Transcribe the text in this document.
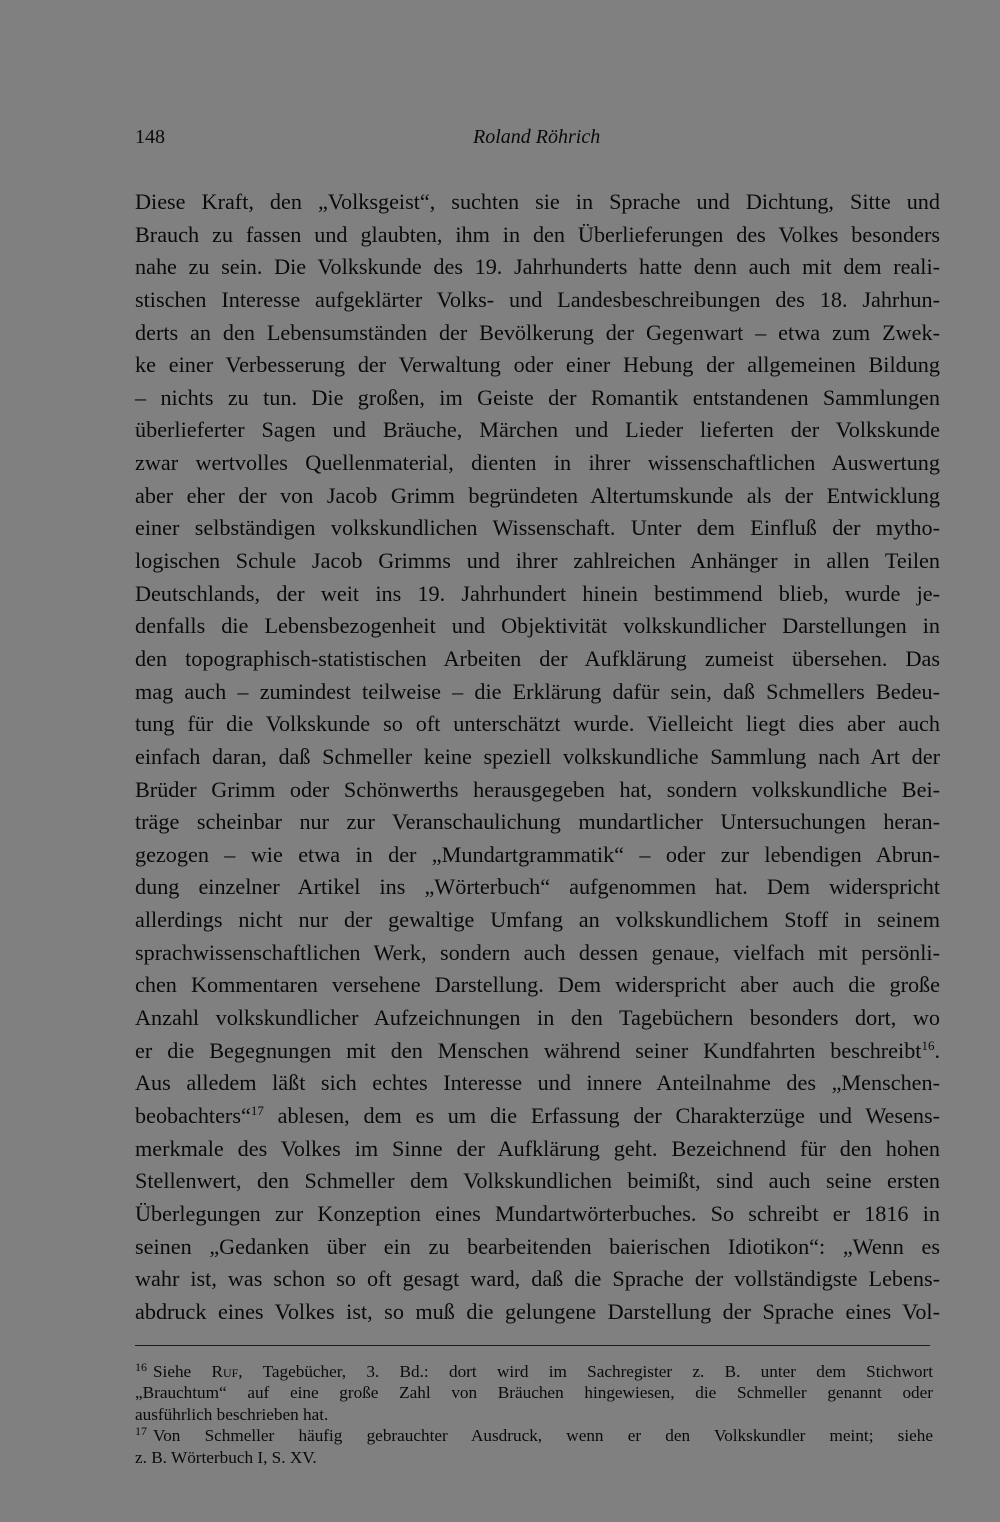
148	Roland Röhrich
Diese Kraft, den „Volksgeist“, suchten sie in Sprache und Dichtung, Sitte und
Brauch zu fassen und glaubten, ihm in den Überlieferungen des Volkes besonders
nahe zu sein. Die Volkskunde des 19. Jahrhunderts hatte denn auch mit dem reali-
stischen Interesse aufgeklärter Volks- und Landesbeschreibungen des 18. Jahrhun-
derts an den Lebensumständen der Bevölkerung der Gegenwart – etwa zum Zwek-
ke einer Verbesserung der Verwaltung oder einer Hebung der allgemeinen Bildung
– nichts zu tun. Die großen, im Geiste der Romantik entstandenen Sammlungen
überlieferter Sagen und Bräuche, Märchen und Lieder lieferten der Volkskunde
zwar wertvolles Quellenmaterial, dienten in ihrer wissenschaftlichen Auswertung
aber eher der von Jacob Grimm begründeten Altertumskunde als der Entwicklung
einer selbständigen volkskundlichen Wissenschaft. Unter dem Einfluß der mytho-
logischen Schule Jacob Grimms und ihrer zahlreichen Anhänger in allen Teilen
Deutschlands, der weit ins 19. Jahrhundert hinein bestimmend blieb, wurde je-
denfalls die Lebensbezogenheit und Objektivität volkskundlicher Darstellungen in
den topographisch-statistischen Arbeiten der Aufklärung zumeist übersehen. Das
mag auch – zumindest teilweise – die Erklärung dafür sein, daß Schmellers Bedeu-
tung für die Volkskunde so oft unterschätzt wurde. Vielleicht liegt dies aber auch
einfach daran, daß Schmeller keine speziell volkskundliche Sammlung nach Art der
Brüder Grimm oder Schönwerths herausgegeben hat, sondern volkskundliche Bei-
träge scheinbar nur zur Veranschaulichung mundartlicher Untersuchungen heran-
gezogen – wie etwa in der „Mundartgrammatik“ – oder zur lebendigen Abrun-
dung einzelner Artikel ins „Wörterbuch“ aufgenommen hat. Dem widerspricht
allerdings nicht nur der gewaltige Umfang an volkskundlichem Stoff in seinem
sprachwissenschaftlichen Werk, sondern auch dessen genaue, vielfach mit persönli-
chen Kommentaren versehene Darstellung. Dem widerspricht aber auch die große
Anzahl volkskundlicher Aufzeichnungen in den Tagebüchern besonders dort, wo
er die Begegnungen mit den Menschen während seiner Kundfahrten beschreibt$^{16}$.
Aus alledem läßt sich echtes Interesse und innere Anteilnahme des „Menschen-
beobachters“$^{17}$ ablesen, dem es um die Erfassung der Charakterzüge und Wesens-
merkmale des Volkes im Sinne der Aufklärung geht. Bezeichnend für den hohen
Stellenwert, den Schmeller dem Volkskundlichen beimißt, sind auch seine ersten
Überlegungen zur Konzeption eines Mundartwörterbuches. So schreibt er 1816 in
seinen „Gedanken über ein zu bearbeitenden baierischen Idiotikon“: „Wenn es
wahr ist, was schon so oft gesagt ward, daß die Sprache der vollständigste Lebens-
abdruck eines Volkes ist, so muß die gelungene Darstellung der Sprache eines Vol-
$^{16}$ Siehe Ruf, Tagebücher, 3. Bd.: dort wird im Sachregister z. B. unter dem Stichwort
„Brauchtum“ auf eine große Zahl von Bräuchen hingewiesen, die Schmeller genannt oder
ausführlich beschrieben hat.
$^{17}$ Von Schmeller häufig gebrauchter Ausdruck, wenn er den Volkskundler meint; siehe
z. B. Wörterbuch I, S. XV.
